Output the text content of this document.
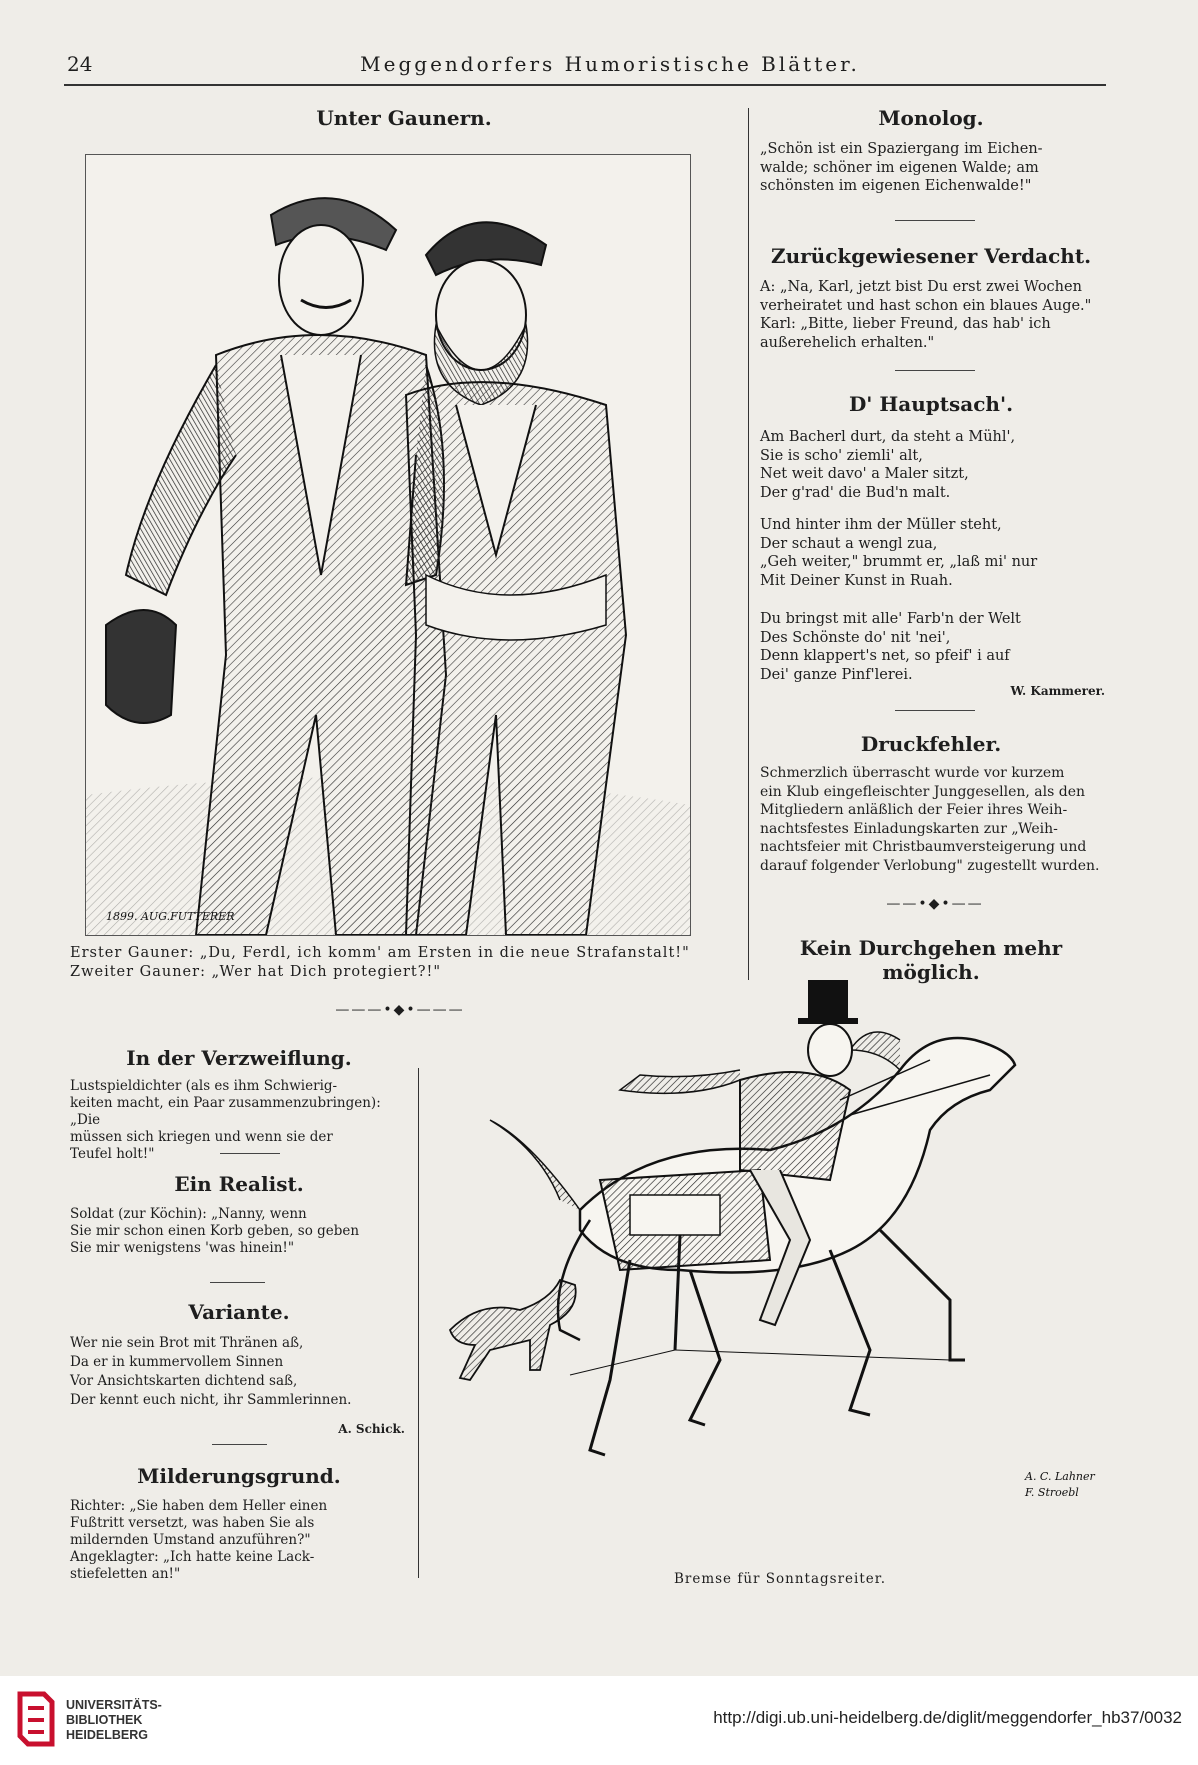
24	Meggendorfers Humoristische Blätter.
Unter Gaunern.
1899. AUG.FUTTERER
Erster Gauner: „Du, Ferdl, ich komm' am Ersten in die neue Strafanstalt!"
Zweiter Gauner: „Wer hat Dich protegiert?!"
———•◆•———
Monolog.
„Schön ist ein Spaziergang im Eichen-
walde; schöner im eigenen Walde; am
schönsten im eigenen Eichenwalde!"
Zurückgewiesener Verdacht.
A: „Na, Karl, jetzt bist Du erst zwei Wochen
verheiratet und hast schon ein blaues Auge."
Karl: „Bitte, lieber Freund, das hab' ich
außerehelich erhalten."
D' Hauptsach'.
Am Bacherl durt, da steht a Mühl',
Sie is scho' ziemli' alt,
Net weit davo' a Maler sitzt,
Der g'rad' die Bud'n malt.
Und hinter ihm der Müller steht,
Der schaut a wengl zua,
„Geh weiter," brummt er, „laß mi' nur
Mit Deiner Kunst in Ruah.
Du bringst mit alle' Farb'n der Welt
Des Schönste do' nit 'nei',
Denn klappert's net, so pfeif' i auf
Dei' ganze Pinf'lerei.
W. Kammerer.
Druckfehler.
Schmerzlich überrascht wurde vor kurzem
ein Klub eingefleischter Junggesellen, als den
Mitgliedern anläßlich der Feier ihres Weih-
nachtsfestes Einladungskarten zur „Weih-
nachtsfeier mit Christbaumversteigerung und
darauf folgender Verlobung" zugestellt wurden.
——•◆•——
Kein Durchgehen mehr möglich.
In der Verzweiflung.
Lustspieldichter (als es ihm Schwierig-
keiten macht, ein Paar zusammenzubringen): „Die
müssen sich kriegen und wenn sie der
Teufel holt!"
Ein Realist.
Soldat (zur Köchin): „Nanny, wenn
Sie mir schon einen Korb geben, so geben
Sie mir wenigstens 'was hinein!"
Variante.
Wer nie sein Brot mit Thränen aß,
Da er in kummervollem Sinnen
Vor Ansichtskarten dichtend saß,
Der kennt euch nicht, ihr Sammlerinnen.
A. Schick.
Milderungsgrund.
Richter: „Sie haben dem Heller einen
Fußtritt versetzt, was haben Sie als
mildernden Umstand anzuführen?"
Angeklagter: „Ich hatte keine Lack-
stiefeletten an!"
A. C. Lahner
F. Stroebl
Bremse für Sonntagsreiter.
UNIVERSITÄTS-
BIBLIOTHEK
HEIDELBERG
http://digi.ub.uni-heidelberg.de/diglit/meggendorfer_hb37/0032
